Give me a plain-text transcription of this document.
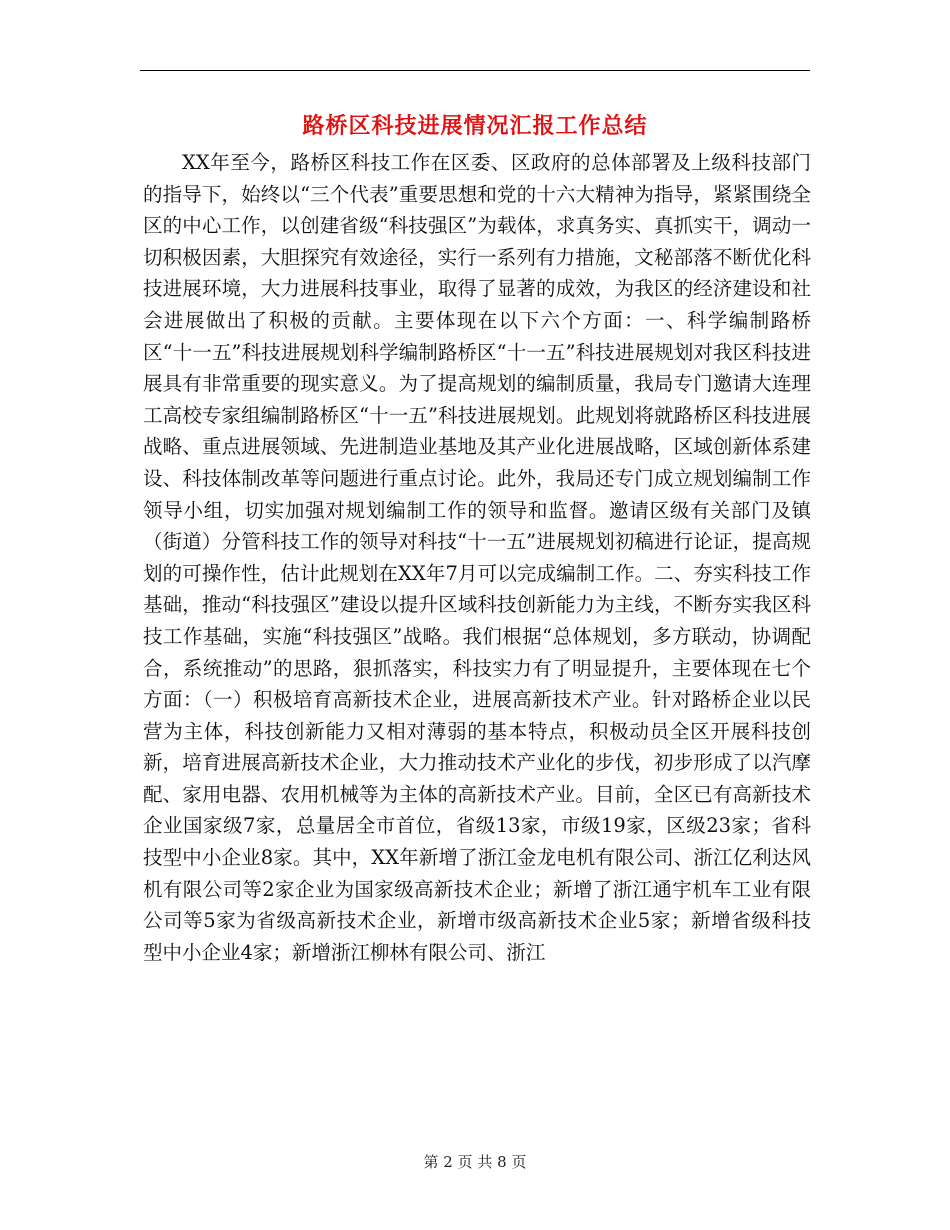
路桥区科技进展情况汇报工作总结

XX年至今，路桥区科技工作在区委、区政府的总体部署及上级科技部门的指导下，始终以“三个代表”重要思想和党的十六大精神为指导，紧紧围绕全区的中心工作，以创建省级“科技强区”为载体，求真务实、真抓实干，调动一切积极因素，大胆探究有效途径，实行一系列有力措施，文秘部落不断优化科技进展环境，大力进展科技事业，取得了显著的成效，为我区的经济建设和社会进展做出了积极的贡献。主要体现在以下六个方面：一、科学编制路桥区“十一五”科技进展规划科学编制路桥区“十一五”科技进展规划对我区科技进展具有非常重要的现实意义。为了提高规划的编制质量，我局专门邀请大连理工高校专家组编制路桥区“十一五”科技进展规划。此规划将就路桥区科技进展战略、重点进展领域、先进制造业基地及其产业化进展战略，区域创新体系建设、科技体制改革等问题进行重点讨论。此外，我局还专门成立规划编制工作领导小组，切实加强对规划编制工作的领导和监督。邀请区级有关部门及镇（街道）分管科技工作的领导对科技“十一五”进展规划初稿进行论证，提高规划的可操作性，估计此规划在XX年7月可以完成编制工作。二、夯实科技工作基础，推动“科技强区”建设以提升区域科技创新能力为主线，不断夯实我区科技工作基础，实施“科技强区”战略。我们根据“总体规划，多方联动，协调配合，系统推动”的思路，狠抓落实，科技实力有了明显提升，主要体现在七个方面：（一）积极培育高新技术企业，进展高新技术产业。针对路桥企业以民营为主体，科技创新能力又相对薄弱的基本特点，积极动员全区开展科技创新，培育进展高新技术企业，大力推动技术产业化的步伐，初步形成了以汽摩配、家用电器、农用机械等为主体的高新技术产业。目前，全区已有高新技术企业国家级7家，总量居全市首位，省级13家，市级19家，区级23家；省科技型中小企业8家。其中，XX年新增了浙江金龙电机有限公司、浙江亿利达风机有限公司等2家企业为国家级高新技术企业；新增了浙江通宇机车工业有限公司等5家为省级高新技术企业，新增市级高新技术企业5家；新增省级科技型中小企业4家；新增浙江柳林有限公司、浙江

第 2 页 共 8 页
